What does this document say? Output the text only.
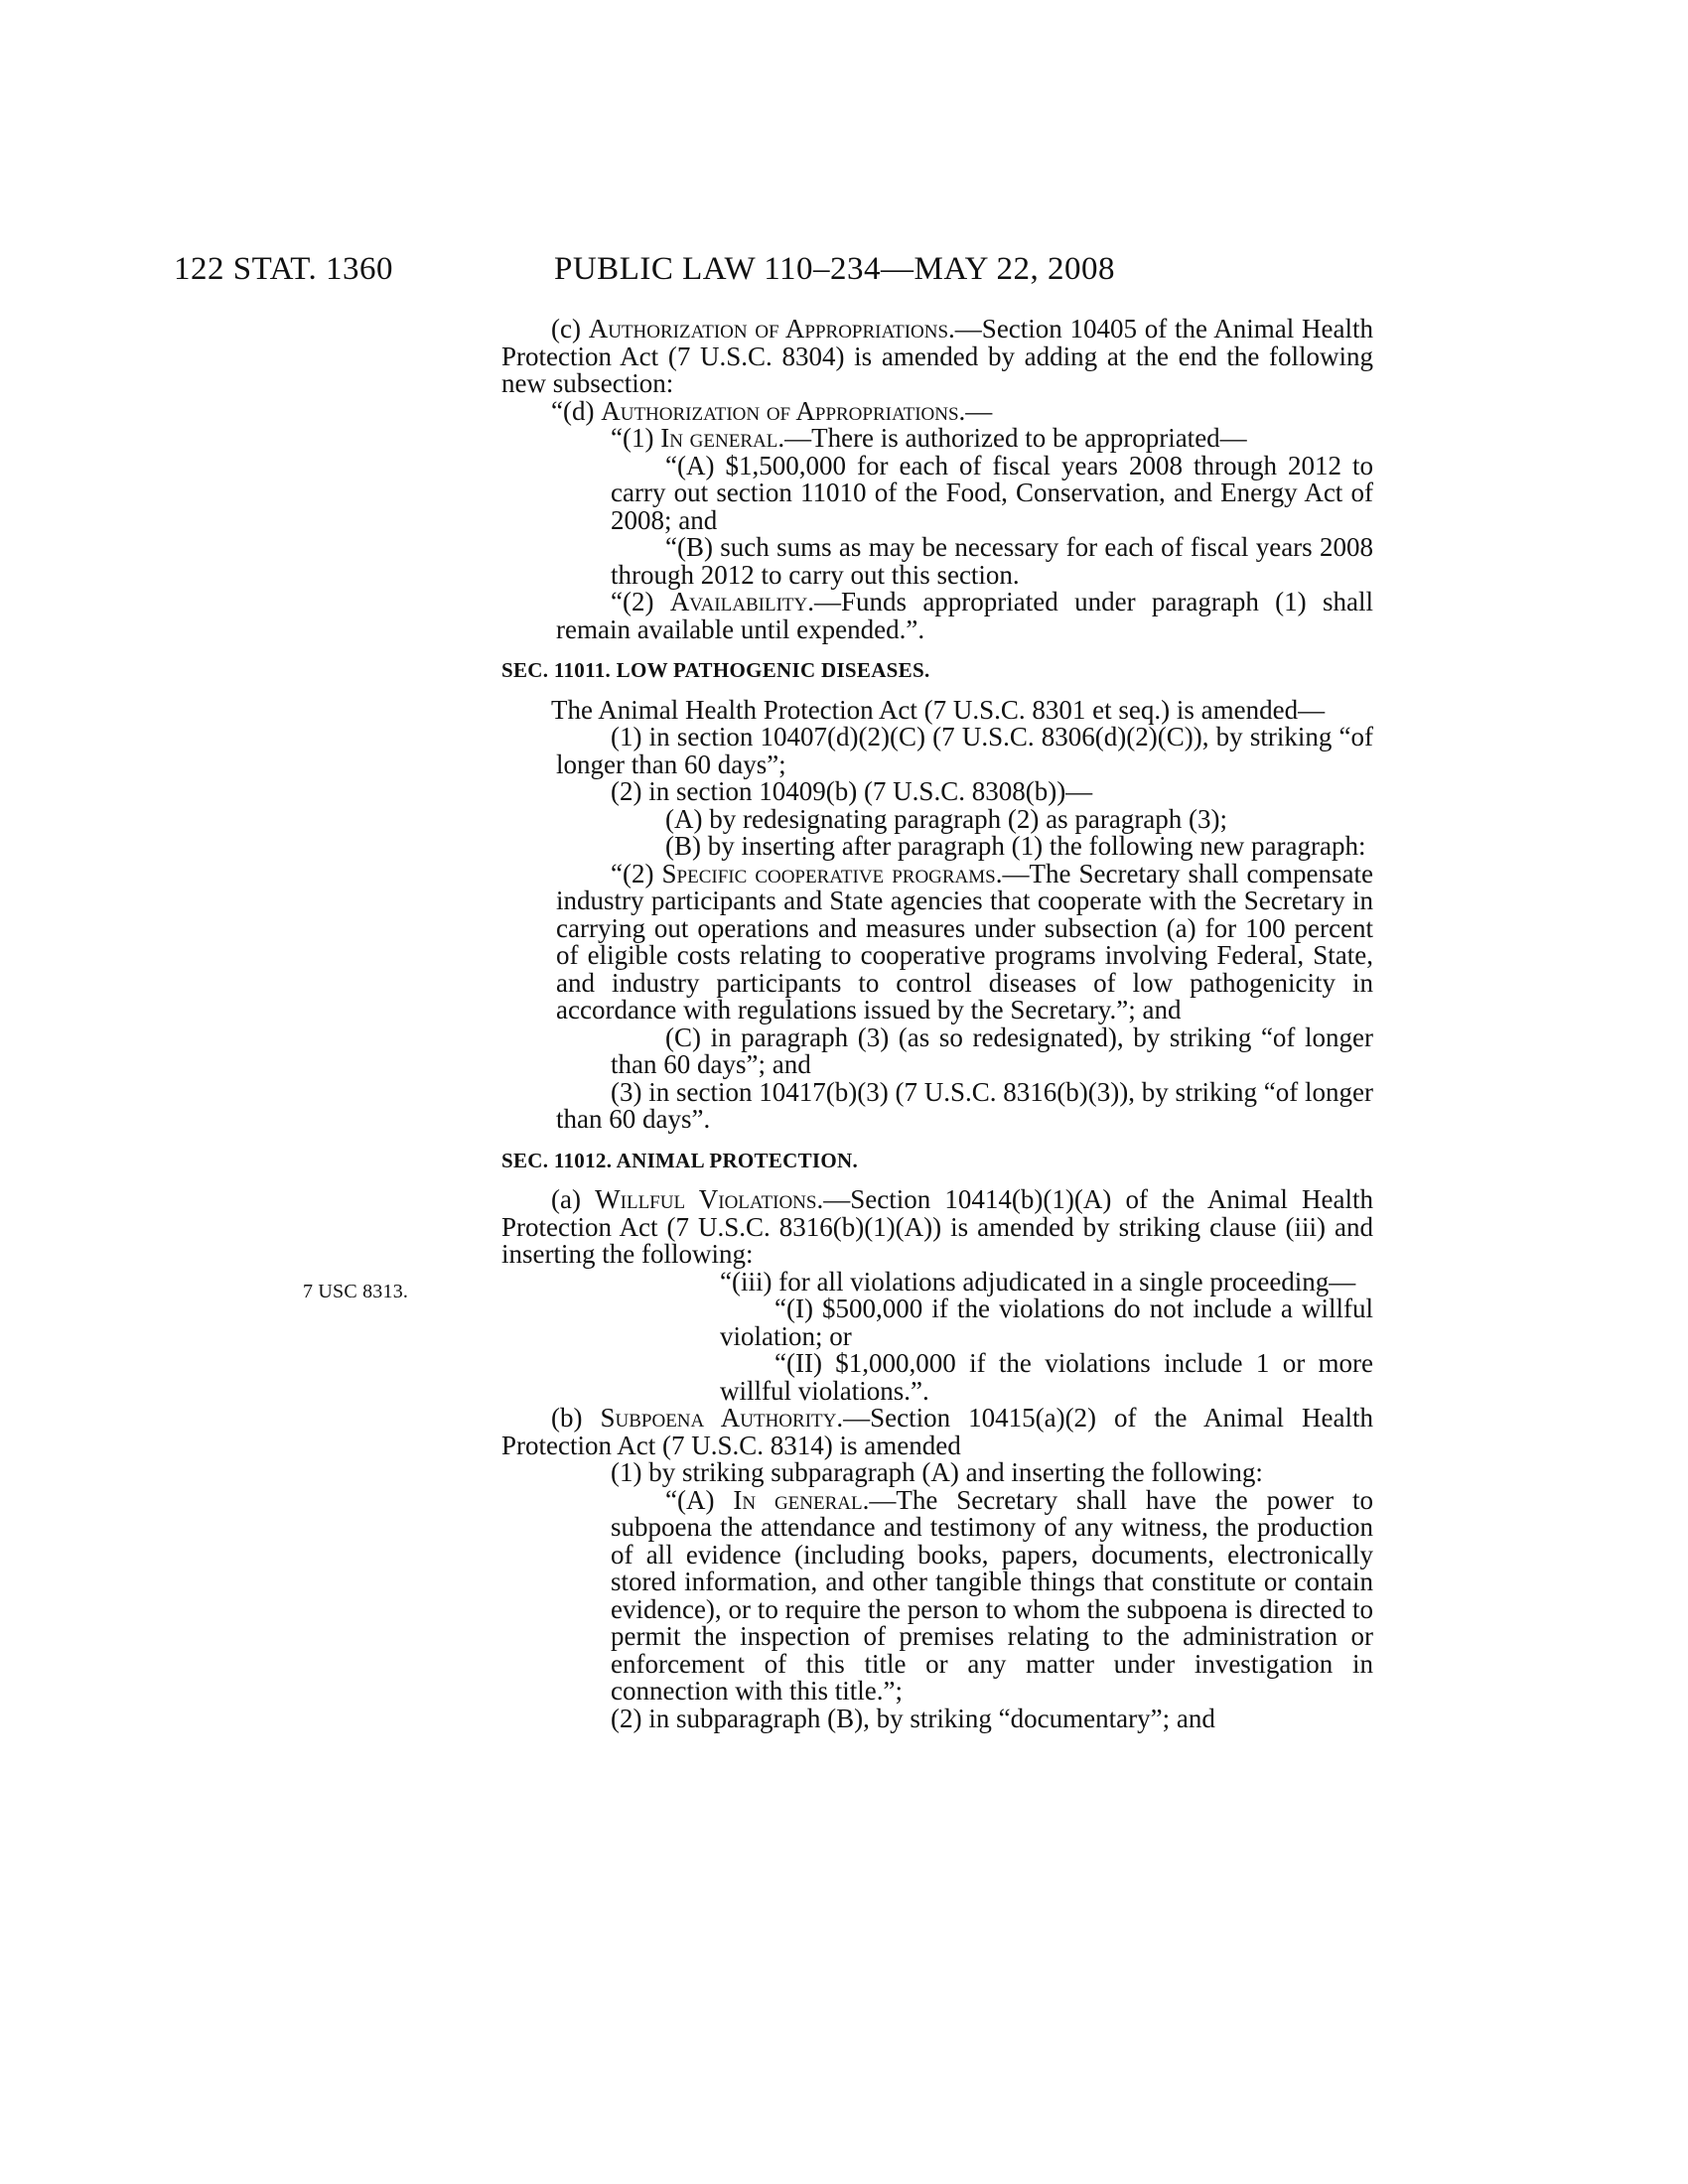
122 STAT. 1360	PUBLIC LAW 110–234—MAY 22, 2008
7 USC 8313.

(c) Authorization of Appropriations.—Section 10405 of the Animal Health Protection Act (7 U.S.C. 8304) is amended by adding at the end the following new subsection:

“(d) Authorization of Appropriations.—

“(1) In general.—There is authorized to be appropriated—

“(A) $1,500,000 for each of fiscal years 2008 through 2012 to carry out section 11010 of the Food, Conservation, and Energy Act of 2008; and

“(B) such sums as may be necessary for each of fiscal years 2008 through 2012 to carry out this section.

“(2) Availability.—Funds appropriated under paragraph (1) shall remain available until expended.”.

SEC. 11011. LOW PATHOGENIC DISEASES.

The Animal Health Protection Act (7 U.S.C. 8301 et seq.) is amended—

(1) in section 10407(d)(2)(C) (7 U.S.C. 8306(d)(2)(C)), by striking “of longer than 60 days”;

(2) in section 10409(b) (7 U.S.C. 8308(b))—

(A) by redesignating paragraph (2) as paragraph (3);

(B) by inserting after paragraph (1) the following new paragraph:

“(2) Specific cooperative programs.—The Secretary shall compensate industry participants and State agencies that cooperate with the Secretary in carrying out operations and measures under subsection (a) for 100 percent of eligible costs relating to cooperative programs involving Federal, State, and industry participants to control diseases of low pathogenicity in accordance with regulations issued by the Secretary.”; and

(C) in paragraph (3) (as so redesignated), by striking “of longer than 60 days”; and

(3) in section 10417(b)(3) (7 U.S.C. 8316(b)(3)), by striking “of longer than 60 days”.

SEC. 11012. ANIMAL PROTECTION.

(a) Willful Violations.—Section 10414(b)(1)(A) of the Animal Health Protection Act (7 U.S.C. 8316(b)(1)(A)) is amended by striking clause (iii) and inserting the following:

“(iii) for all violations adjudicated in a single proceeding—

“(I) $500,000 if the violations do not include a willful violation; or

“(II) $1,000,000 if the violations include 1 or more willful violations.”.

(b) Subpoena Authority.—Section 10415(a)(2) of the Animal Health Protection Act (7 U.S.C. 8314) is amended

(1) by striking subparagraph (A) and inserting the following:

“(A) In general.—The Secretary shall have the power to subpoena the attendance and testimony of any witness, the production of all evidence (including books, papers, documents, electronically stored information, and other tangible things that constitute or contain evidence), or to require the person to whom the subpoena is directed to permit the inspection of premises relating to the administration or enforcement of this title or any matter under investigation in connection with this title.”;

(2) in subparagraph (B), by striking “documentary”; and
